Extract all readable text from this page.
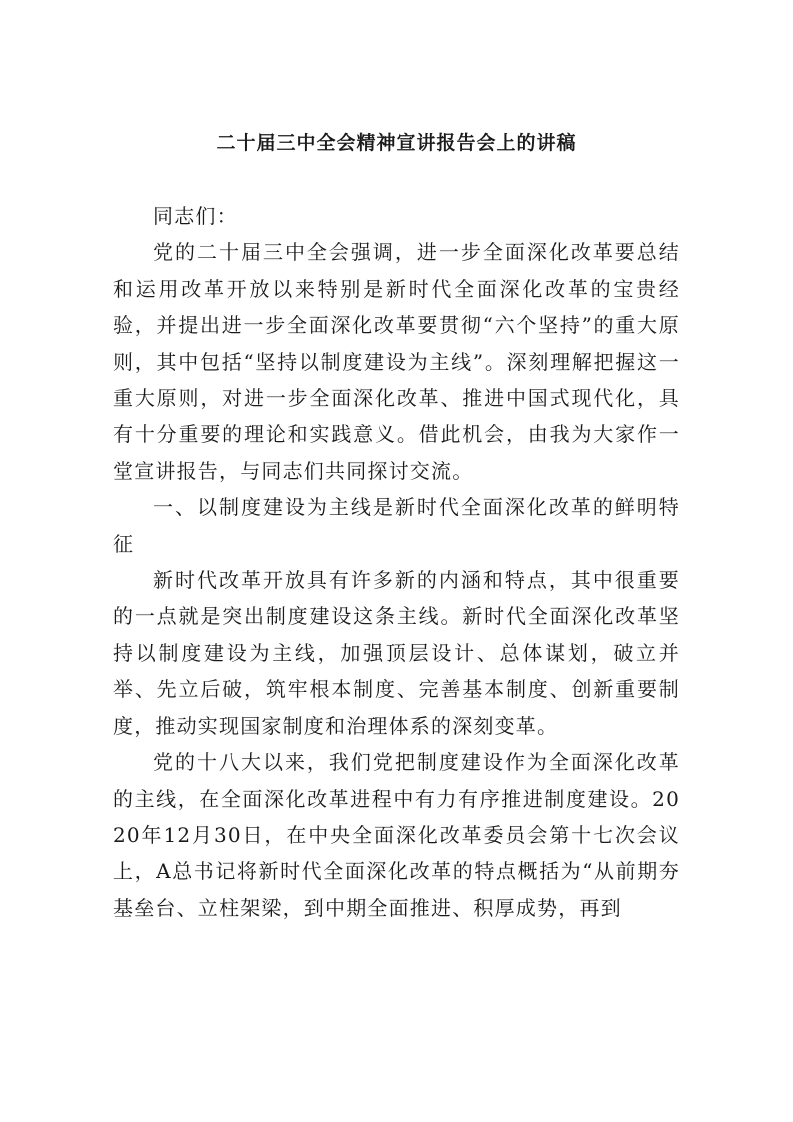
二十届三中全会精神宣讲报告会上的讲稿

同志们：

党的二十届三中全会强调，进一步全面深化改革要总结和运用改革开放以来特别是新时代全面深化改革的宝贵经验，并提出进一步全面深化改革要贯彻“六个坚持”的重大原则，其中包括“坚持以制度建设为主线”。深刻理解把握这一重大原则，对进一步全面深化改革、推进中国式现代化，具有十分重要的理论和实践意义。借此机会，由我为大家作一堂宣讲报告，与同志们共同探讨交流。

一、以制度建设为主线是新时代全面深化改革的鲜明特征

新时代改革开放具有许多新的内涵和特点，其中很重要的一点就是突出制度建设这条主线。新时代全面深化改革坚持以制度建设为主线，加强顶层设计、总体谋划，破立并举、先立后破，筑牢根本制度、完善基本制度、创新重要制度，推动实现国家制度和治理体系的深刻变革。

党的十八大以来，我们党把制度建设作为全面深化改革的主线，在全面深化改革进程中有力有序推进制度建设。2020年12月30日，在中央全面深化改革委员会第十七次会议上，A总书记将新时代全面深化改革的特点概括为“从前期夯基垒台、立柱架梁，到中期全面推进、积厚成势，再到
